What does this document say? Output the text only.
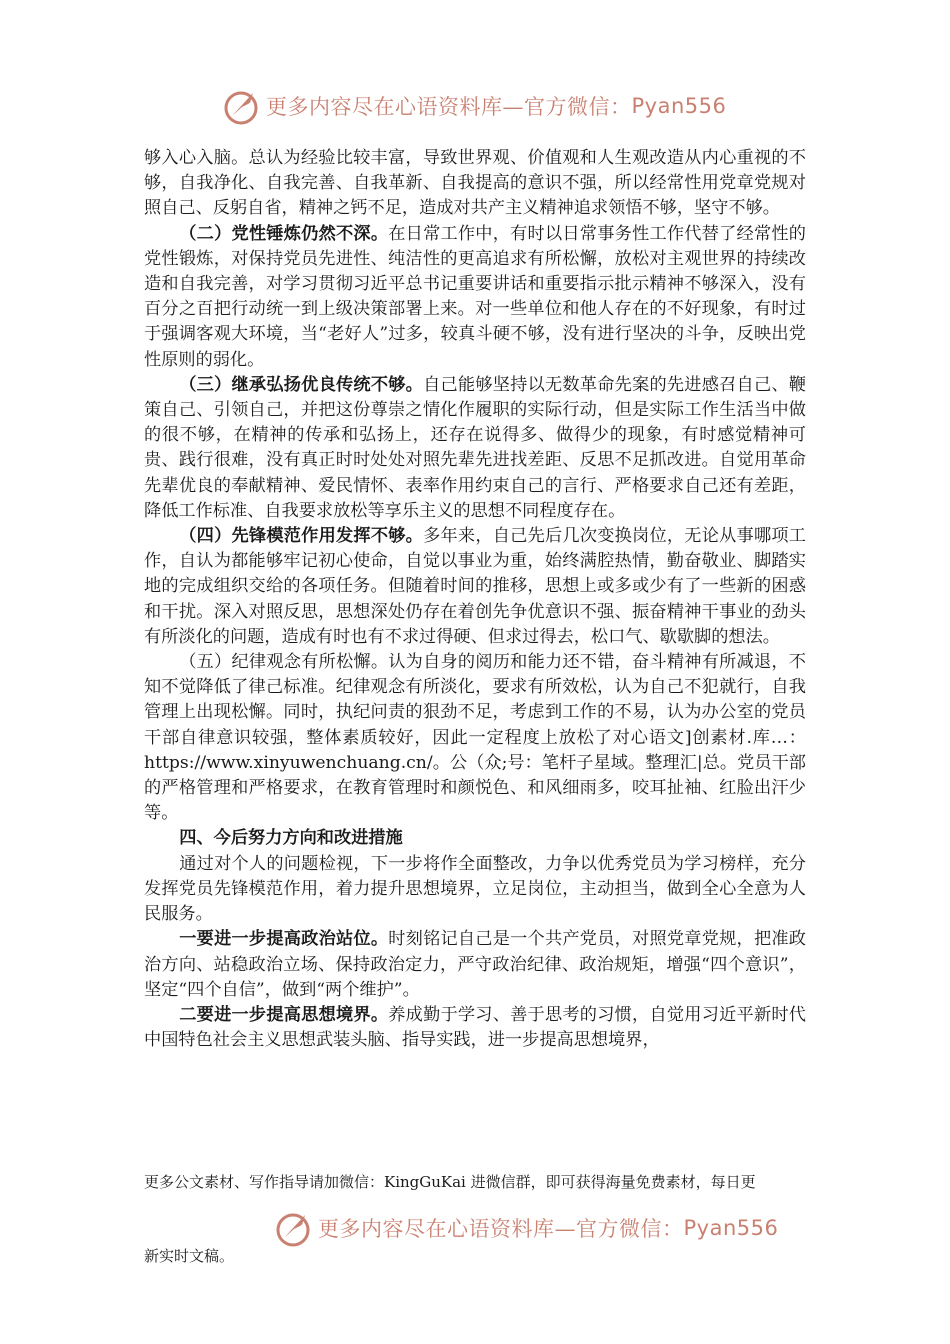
更多内容尽在心语资料库—官方微信： Pyan556

够入心入脑。总认为经验比较丰富，导致世界观、价值观和人生观改造从内心重视的不够，自我净化、自我完善、自我革新、自我提高的意识不强，所以经常性用党章党规对照自己、反躬自省，精神之钙不足，造成对共产主义精神追求领悟不够，坚守不够。

（二）党性锤炼仍然不深。在日常工作中，有时以日常事务性工作代替了经常性的党性锻炼，对保持党员先进性、纯洁性的更高追求有所松懈，放松对主观世界的持续改造和自我完善，对学习贯彻习近平总书记重要讲话和重要指示批示精神不够深入，没有百分之百把行动统一到上级决策部署上来。对一些单位和他人存在的不好现象，有时过于强调客观大环境，当“老好人”过多，较真斗硬不够，没有进行坚决的斗争，反映出党性原则的弱化。

（三）继承弘扬优良传统不够。自己能够坚持以无数革命先案的先进感召自己、鞭策自己、引领自己，并把这份尊崇之情化作履职的实际行动，但是实际工作生活当中做的很不够，在精神的传承和弘扬上，还存在说得多、做得少的现象，有时感觉精神可贵、践行很难，没有真正时时处处对照先辈先进找差距、反思不足抓改进。自觉用革命先辈优良的奉献精神、爱民情怀、表率作用约束自己的言行、严格要求自己还有差距，降低工作标准、自我要求放松等享乐主义的思想不同程度存在。

（四）先锋模范作用发挥不够。多年来，自己先后几次变换岗位，无论从事哪项工作，自认为都能够牢记初心使命，自觉以事业为重，始终满腔热情，勤奋敬业、脚踏实地的完成组织交给的各项任务。但随着时间的推移，思想上或多或少有了一些新的困惑和干扰。深入对照反思，思想深处仍存在着创先争优意识不强、振奋精神干事业的劲头有所淡化的问题，造成有时也有不求过得硬、但求过得去，松口气、歇歇脚的想法。

（五）纪律观念有所松懈。认为自身的阅历和能力还不错，奋斗精神有所减退，不知不觉降低了律己标准。纪律观念有所淡化，要求有所效松，认为自己不犯就行，自我管理上出现松懈。同时，执纪问责的狠劲不足，考虑到工作的不易，认为办公室的党员干部自律意识较强，整体素质较好，因此一定程度上放松了对心语文]创素材.库…：https://www.xinyuwenchuang.cn/。公（众;号：笔杆子星域。整理汇|总。党员干部的严格管理和严格要求，在教育管理时和颜悦色、和风细雨多，咬耳扯袖、红脸出汗少等。

四、今后努力方向和改进措施

通过对个人的问题检视，下一步将作全面整改，力争以优秀党员为学习榜样，充分发挥党员先锋模范作用，着力提升思想境界，立足岗位，主动担当，做到全心全意为人民服务。

一要进一步提高政治站位。时刻铭记自己是一个共产党员，对照党章党规，把准政治方向、站稳政治立场、保持政治定力，严守政治纪律、政治规矩，增强“四个意识”，坚定“四个自信”，做到“两个维护”。

二要进一步提高思想境界。养成勤于学习、善于思考的习惯，自觉用习近平新时代中国特色社会主义思想武装头脑、指导实践，进一步提高思想境界，

更多公文素材、写作指导请加微信：KingGuKai 进微信群，即可获得海量免费素材，每日更
更多内容尽在心语资料库—官方微信： Pyan556
新实时文稿。
